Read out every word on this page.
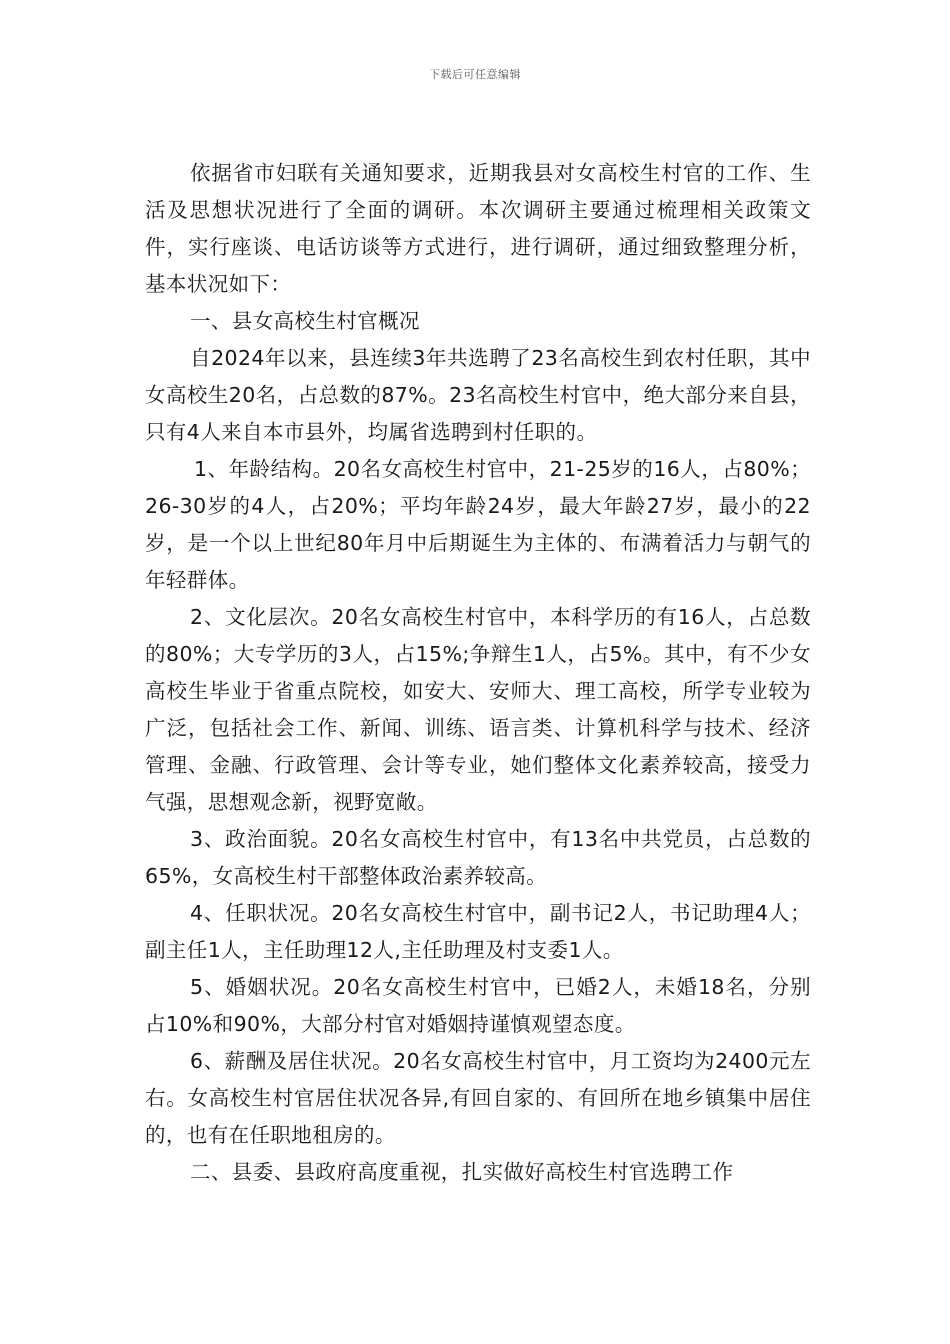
下载后可任意编辑

依据省市妇联有关通知要求，近期我县对女高校生村官的工作、生活及思想状况进行了全面的调研。本次调研主要通过梳理相关政策文件，实行座谈、电话访谈等方式进行，进行调研，通过细致整理分析，基本状况如下：

一、县女高校生村官概况

自2024年以来，县连续3年共选聘了23名高校生到农村任职，其中女高校生20名，占总数的87%。23名高校生村官中，绝大部分来自县，只有4人来自本市县外，均属省选聘到村任职的。

1、年龄结构。20名女高校生村官中，21-25岁的16人，占80%；26-30岁的4人，占20%；平均年龄24岁，最大年龄27岁，最小的22岁，是一个以上世纪80年月中后期诞生为主体的、布满着活力与朝气的年轻群体。

2、文化层次。20名女高校生村官中，本科学历的有16人，占总数的80%；大专学历的3人，占15%;争辩生1人，占5%。其中，有不少女高校生毕业于省重点院校，如安大、安师大、理工高校，所学专业较为广泛，包括社会工作、新闻、训练、语言类、计算机科学与技术、经济管理、金融、行政管理、会计等专业，她们整体文化素养较高，接受力气强，思想观念新，视野宽敞。

3、政治面貌。20名女高校生村官中，有13名中共党员，占总数的65%，女高校生村干部整体政治素养较高。

4、任职状况。20名女高校生村官中，副书记2人，书记助理4人；副主任1人，主任助理12人,主任助理及村支委1人。

5、婚姻状况。20名女高校生村官中，已婚2人，未婚18名，分别占10%和90%，大部分村官对婚姻持谨慎观望态度。

6、薪酬及居住状况。20名女高校生村官中，月工资均为2400元左右。女高校生村官居住状况各异,有回自家的、有回所在地乡镇集中居住的，也有在任职地租房的。

二、县委、县政府高度重视，扎实做好高校生村官选聘工作
